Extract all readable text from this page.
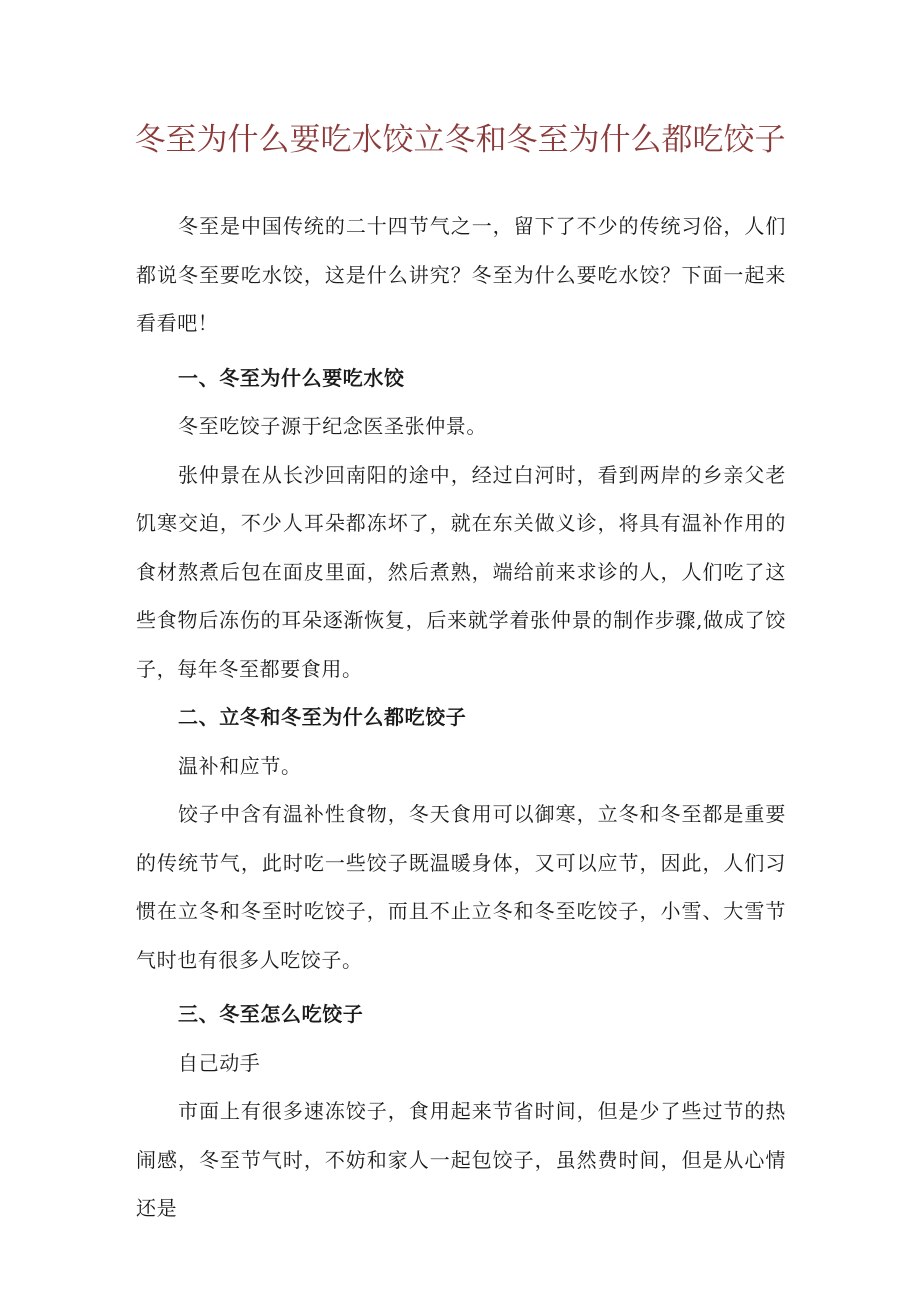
冬至为什么要吃水饺立冬和冬至为什么都吃饺子

冬至是中国传统的二十四节气之一，留下了不少的传统习俗，人们都说冬至要吃水饺，这是什么讲究？冬至为什么要吃水饺？下面一起来看看吧！

一、冬至为什么要吃水饺

冬至吃饺子源于纪念医圣张仲景。

张仲景在从长沙回南阳的途中，经过白河时，看到两岸的乡亲父老饥寒交迫，不少人耳朵都冻坏了，就在东关做义诊，将具有温补作用的食材熬煮后包在面皮里面，然后煮熟，端给前来求诊的人，人们吃了这些食物后冻伤的耳朵逐渐恢复，后来就学着张仲景的制作步骤,做成了饺子，每年冬至都要食用。

二、立冬和冬至为什么都吃饺子

温补和应节。

饺子中含有温补性食物，冬天食用可以御寒，立冬和冬至都是重要的传统节气，此时吃一些饺子既温暖身体，又可以应节，因此，人们习惯在立冬和冬至时吃饺子，而且不止立冬和冬至吃饺子，小雪、大雪节气时也有很多人吃饺子。

三、冬至怎么吃饺子

自己动手

市面上有很多速冻饺子，食用起来节省时间，但是少了些过节的热闹感，冬至节气时，不妨和家人一起包饺子，虽然费时间，但是从心情还是
